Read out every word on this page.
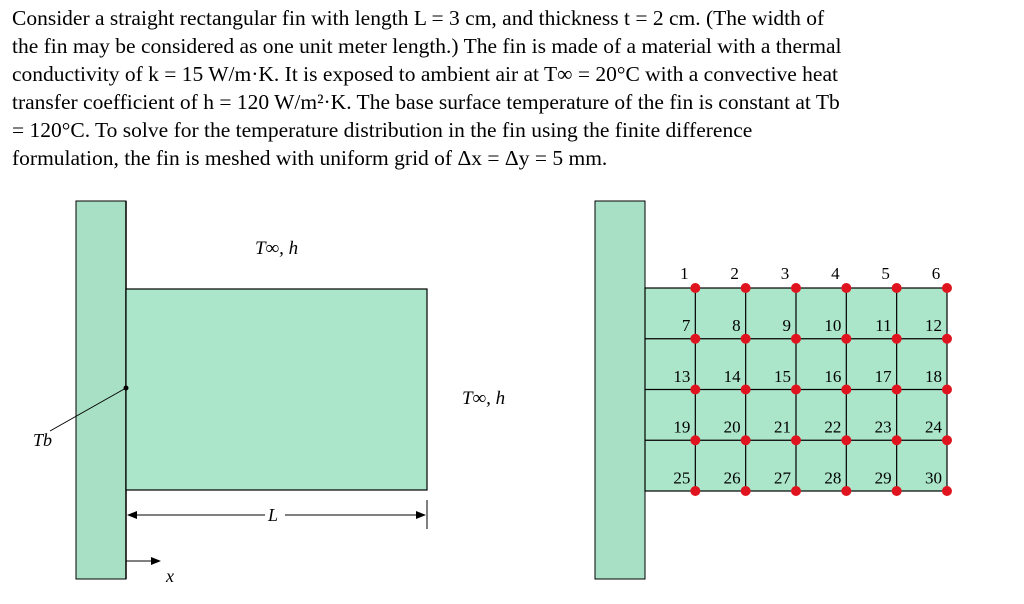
Consider a straight rectangular fin with length L = 3 cm, and thickness t = 2 cm. (The width of
the fin may be considered as one unit meter length.) The fin is made of a material with a thermal
conductivity of k = 15 W/m·K. It is exposed to ambient air at T∞ = 20°C with a convective heat
transfer coefficient of h = 120 W/m²·K. The base surface temperature of the fin is constant at Tb
= 120°C. To solve for the temperature distribution in the fin using the finite difference
formulation, the fin is meshed with uniform grid of Δx = Δy = 5 mm.
T∞, h
T∞, h
Tb
L
x
1 2 3 4 5 6
7 8 9 10 11 12
13 14 15 16 17 18
19 20 21 22 23 24
25 26 27 28 29 30
